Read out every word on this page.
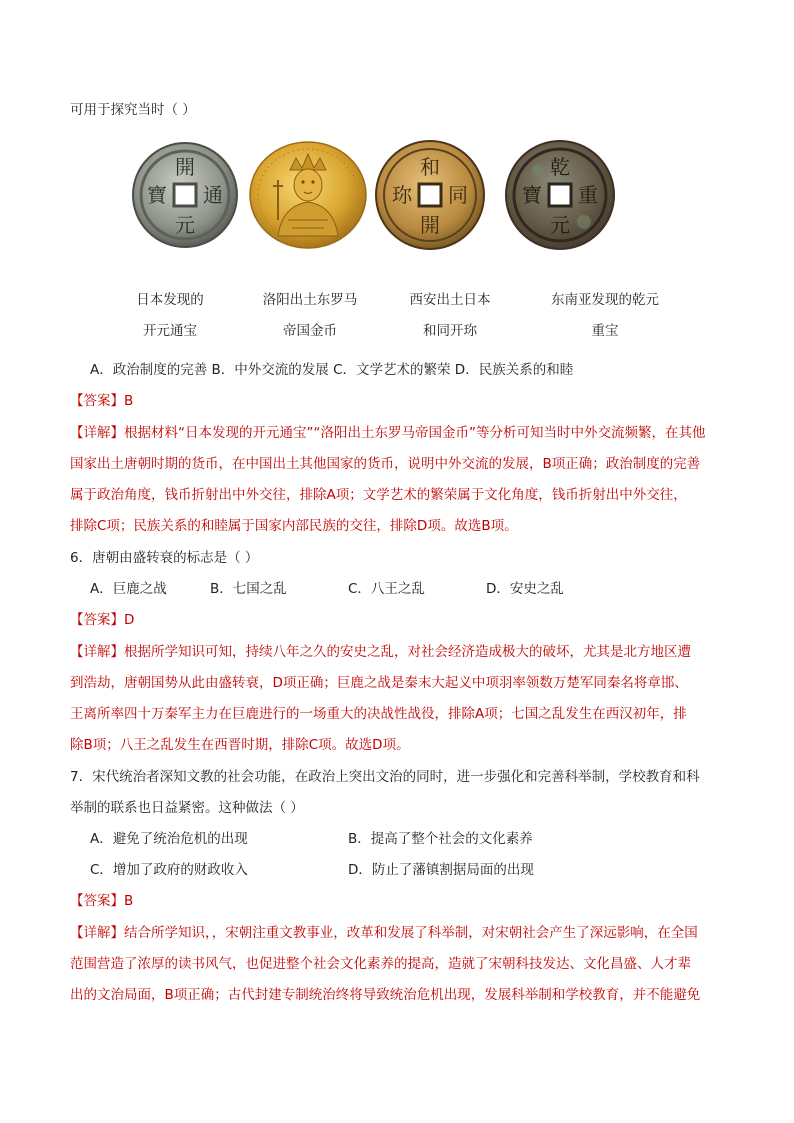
可用于探究当时（ ）
開
通
元
寶
和
同
開
珎
乾
重
元
寶
日本发现的
开元通宝
洛阳出土东罗马
帝国金币
西安出土日本
和同开珎
东南亚发现的乾元
重宝
A．政治制度的完善 B．中外交流的发展 C．文学艺术的繁荣 D．民族关系的和睦
【答案】B
【详解】根据材料“日本发现的开元通宝”“洛阳出土东罗马帝国金币”等分析可知当时中外交流频繁，在其他
国家出土唐朝时期的货币，在中国出土其他国家的货币，说明中外交流的发展，B项正确；政治制度的完善
属于政治角度，钱币折射出中外交往，排除A项；文学艺术的繁荣属于文化角度，钱币折射出中外交往，
排除C项；民族关系的和睦属于国家内部民族的交往，排除D项。故选B项。
6．唐朝由盛转衰的标志是（ ）
A．巨鹿之战	B．七国之乱	C．八王之乱	D．安史之乱
【答案】D
【详解】根据所学知识可知，持续八年之久的安史之乱，对社会经济造成极大的破坏，尤其是北方地区遭
到浩劫，唐朝国势从此由盛转衰，D项正确；巨鹿之战是秦末大起义中项羽率领数万楚军同秦名将章邯、
王离所率四十万秦军主力在巨鹿进行的一场重大的决战性战役，排除A项；七国之乱发生在西汉初年，排
除B项；八王之乱发生在西晋时期，排除C项。故选D项。
7．宋代统治者深知文教的社会功能，在政治上突出文治的同时，进一步强化和完善科举制，学校教育和科
举制的联系也日益紧密。这种做法（ ）
A．避免了统治危机的出现	B．提高了整个社会的文化素养
C．增加了政府的财政收入	D．防止了藩镇割据局面的出现
【答案】B
【详解】结合所学知识，，宋朝注重文教事业，改革和发展了科举制，对宋朝社会产生了深远影响，在全国
范围营造了浓厚的读书风气，也促进整个社会文化素养的提高，造就了宋朝科技发达、文化昌盛、人才辈
出的文治局面，B项正确；古代封建专制统治终将导致统治危机出现，发展科举制和学校教育，并不能避免
